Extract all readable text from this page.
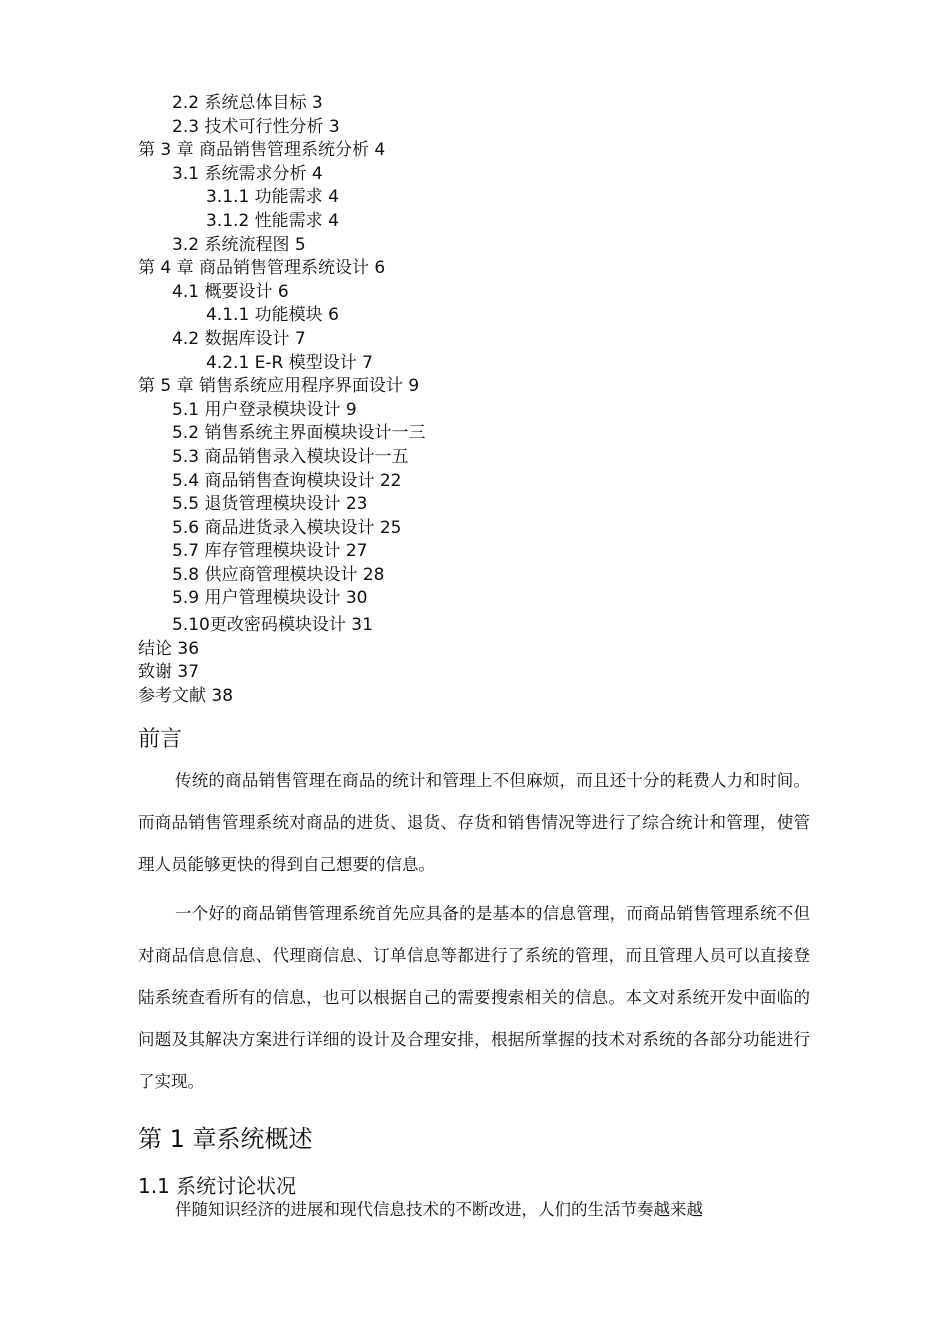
2.2 系统总体目标 3
2.3 技术可行性分析 3
第 3 章 商品销售管理系统分析 4
3.1 系统需求分析 4
3.1.1 功能需求 4
3.1.2 性能需求 4
3.2 系统流程图 5
第 4 章 商品销售管理系统设计 6
4.1 概要设计 6
4.1.1 功能模块 6
4.2 数据库设计 7
4.2.1 E-R 模型设计 7
第 5 章 销售系统应用程序界面设计 9
5.1 用户登录模块设计 9
5.2 销售系统主界面模块设计一三
5.3 商品销售录入模块设计一五
5.4 商品销售查询模块设计 22
5.5 退货管理模块设计 23
5.6 商品进货录入模块设计 25
5.7 库存管理模块设计 27
5.8 供应商管理模块设计 28
5.9 用户管理模块设计 30
5.10更改密码模块设计 31
结论 36
致谢 37
参考文献 38
前言
传统的商品销售管理在商品的统计和管理上不但麻烦，而且还十分的耗费人力和时间。而商品销售管理系统对商品的进货、退货、存货和销售情况等进行了综合统计和管理，使管理人员能够更快的得到自己想要的信息。
一个好的商品销售管理系统首先应具备的是基本的信息管理，而商品销售管理系统不但对商品信息信息、代理商信息、订单信息等都进行了系统的管理，而且管理人员可以直接登陆系统查看所有的信息，也可以根据自己的需要搜索相关的信息。本文对系统开发中面临的问题及其解决方案进行详细的设计及合理安排，根据所掌握的技术对系统的各部分功能进行了实现。
第 1 章系统概述
1.1 系统讨论状况
伴随知识经济的进展和现代信息技术的不断改进，人们的生活节奏越来越
